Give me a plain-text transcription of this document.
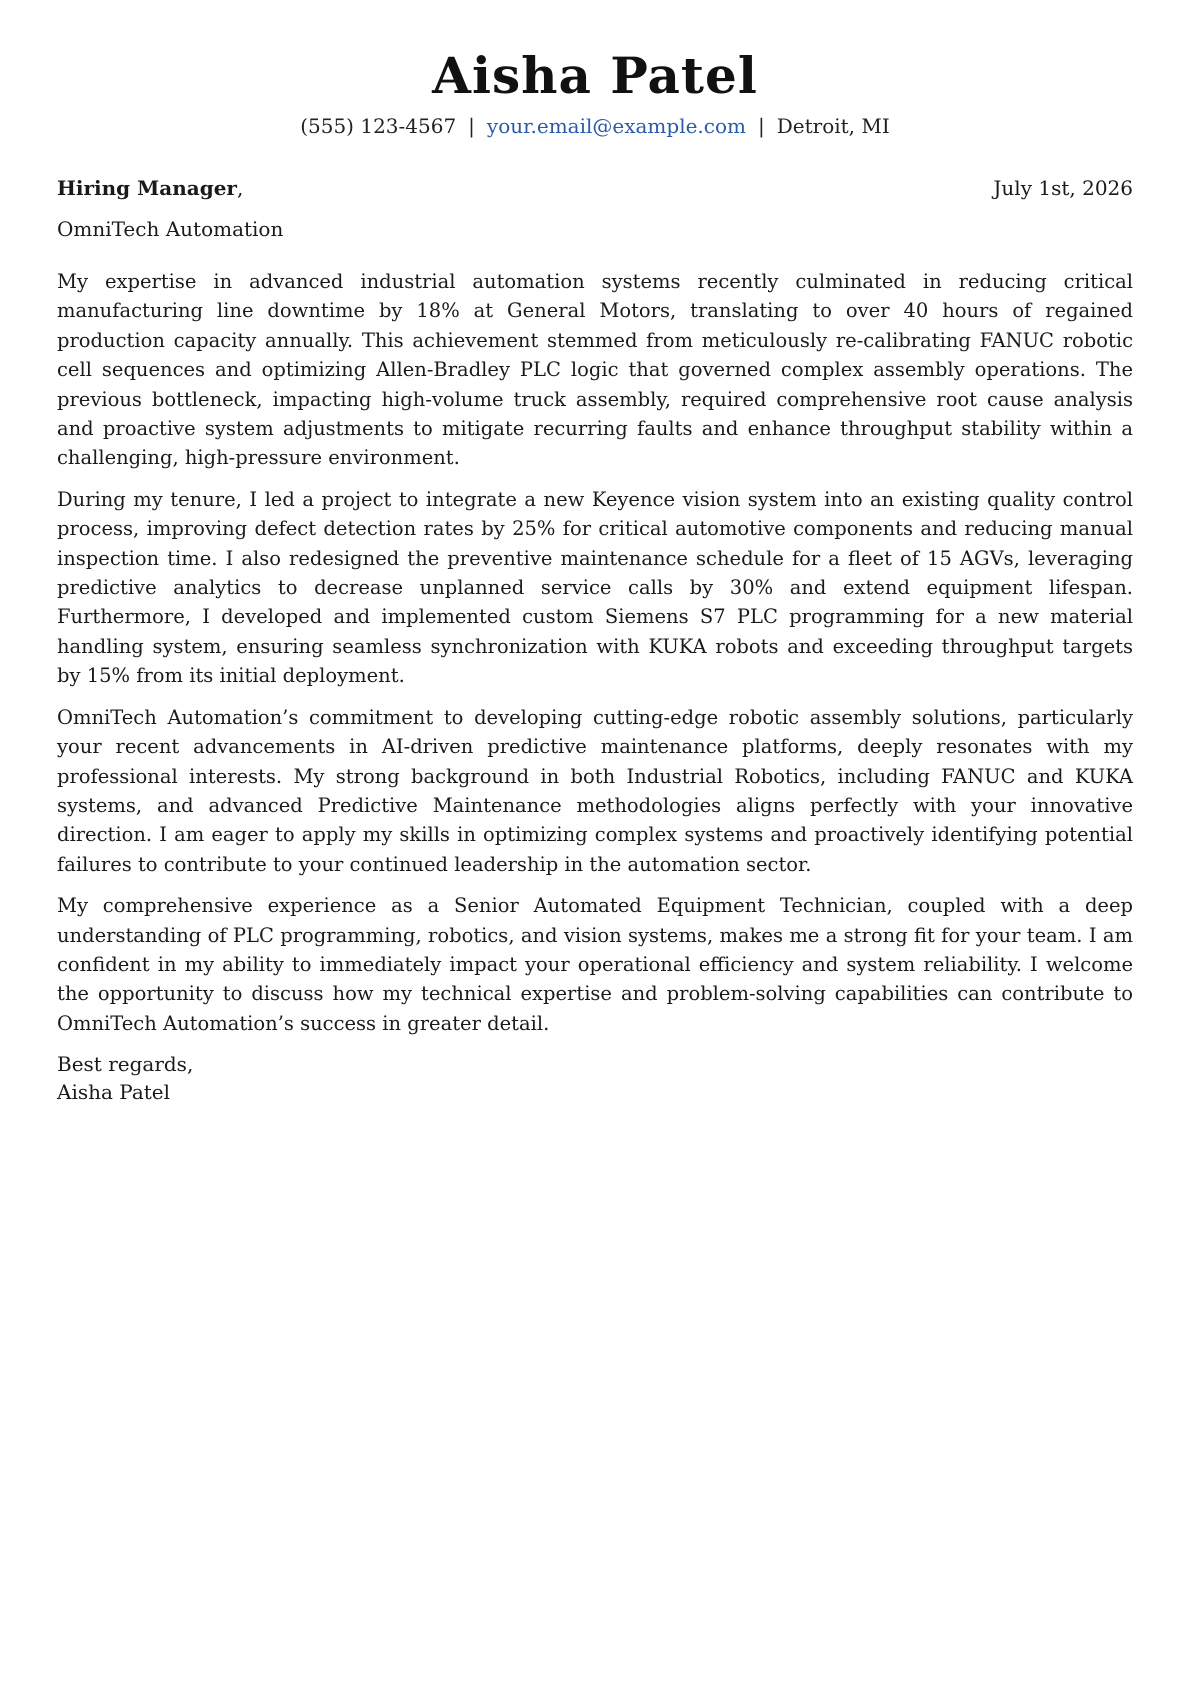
Aisha Patel
(555) 123-4567 | your.email@example.com | Detroit, MI
Hiring Manager,	July 1st, 2026
OmniTech Automation

My expertise in advanced industrial automation systems recently culminated in reducing critical manufacturing line downtime by 18% at General Motors, translating to over 40 hours of regained production capacity annually. This achievement stemmed from meticulously re-calibrating FANUC robotic cell sequences and optimizing Allen-Bradley PLC logic that governed complex assembly operations. The previous bottleneck, impacting high-volume truck assembly, required comprehensive root cause analysis and proactive system adjustments to mitigate recurring faults and enhance throughput stability within a challenging, high-pressure environment.

During my tenure, I led a project to integrate a new Keyence vision system into an existing quality control process, improving defect detection rates by 25% for critical automotive components and reducing manual inspection time. I also redesigned the preventive maintenance schedule for a fleet of 15 AGVs, leveraging predictive analytics to decrease unplanned service calls by 30% and extend equipment lifespan. Furthermore, I developed and implemented custom Siemens S7 PLC programming for a new material handling system, ensuring seamless synchronization with KUKA robots and exceeding throughput targets by 15% from its initial deployment.

OmniTech Automation’s commitment to developing cutting-edge robotic assembly solutions, particularly your recent advancements in AI-driven predictive maintenance platforms, deeply resonates with my professional interests. My strong background in both Industrial Robotics, including FANUC and KUKA systems, and advanced Predictive Maintenance methodologies aligns perfectly with your innovative direction. I am eager to apply my skills in optimizing complex systems and proactively identifying potential failures to contribute to your continued leadership in the automation sector.

My comprehensive experience as a Senior Automated Equipment Technician, coupled with a deep understanding of PLC programming, robotics, and vision systems, makes me a strong fit for your team. I am confident in my ability to immediately impact your operational efficiency and system reliability. I welcome the opportunity to discuss how my technical expertise and problem-solving capabilities can contribute to OmniTech Automation’s success in greater detail.

Best regards,
Aisha Patel
